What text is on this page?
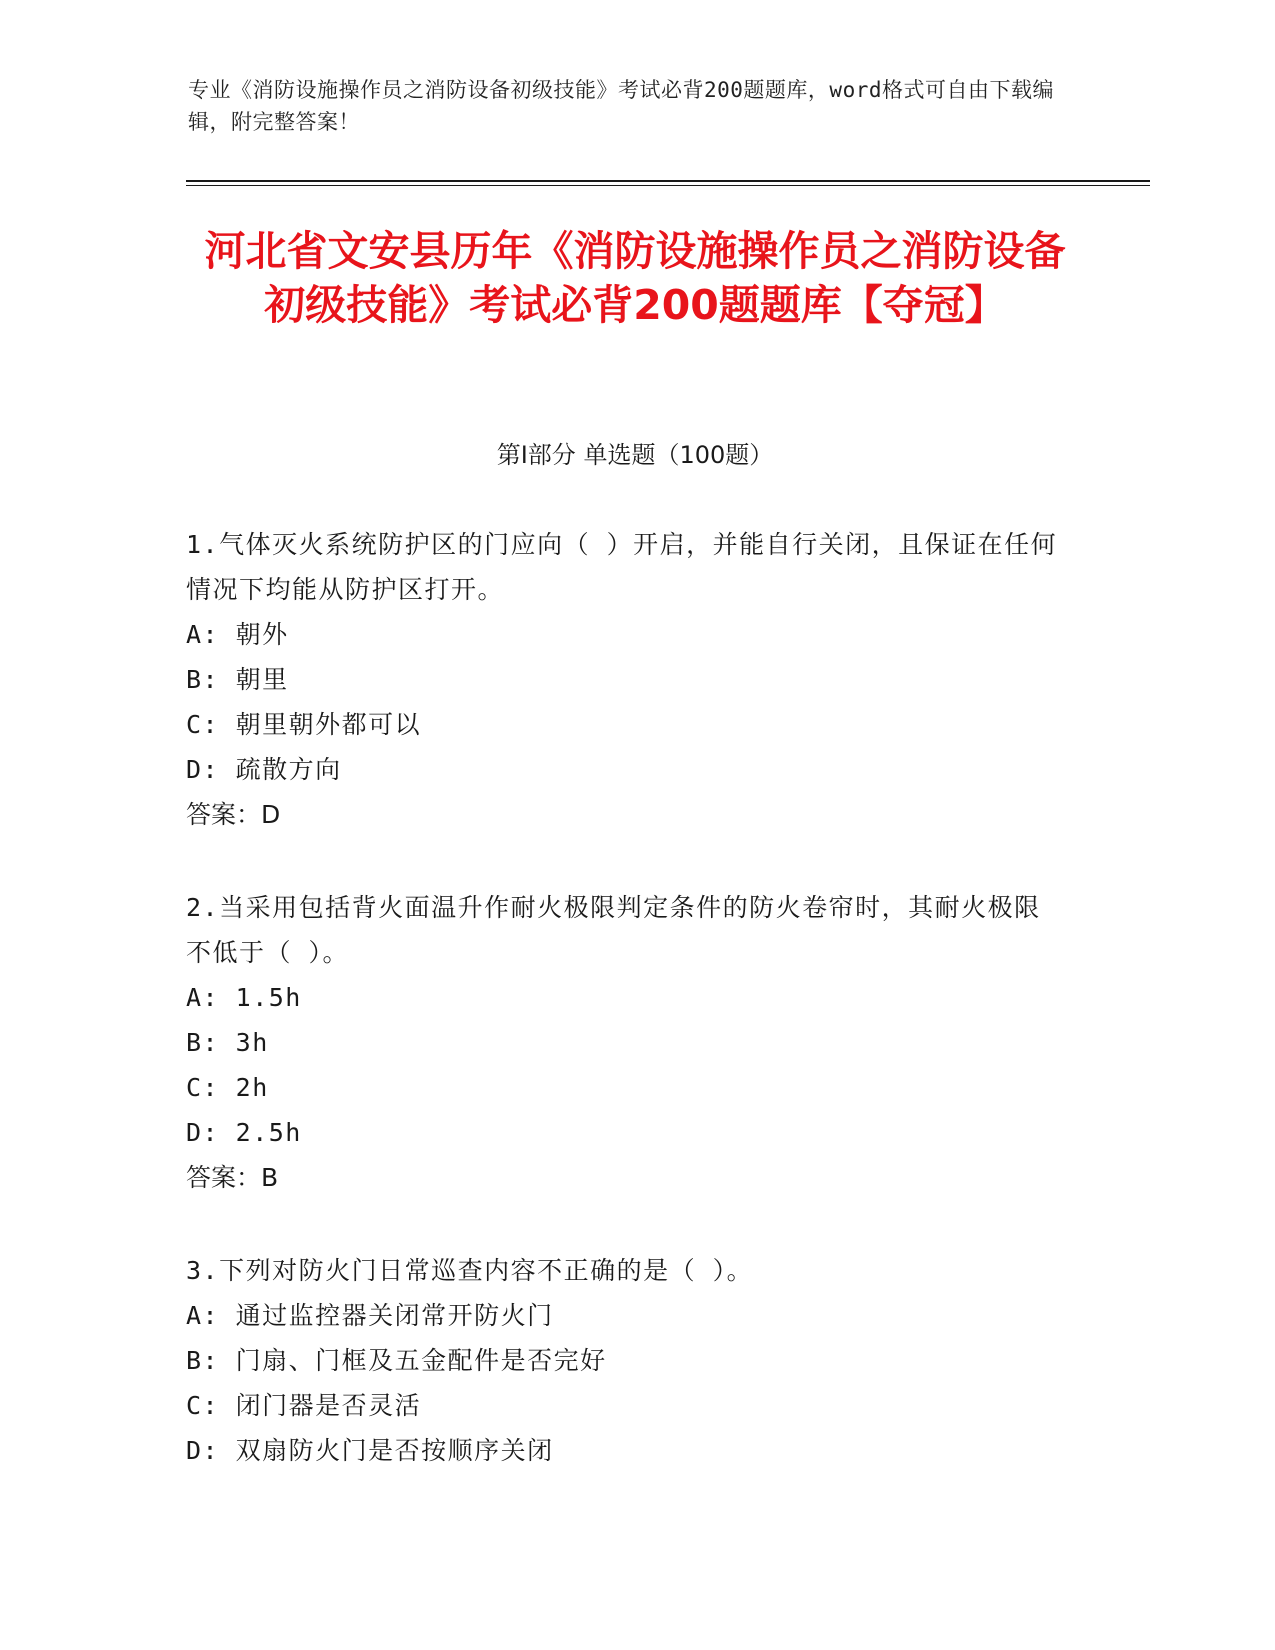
专业《消防设施操作员之消防设备初级技能》考试必背200题题库，word格式可自由下载编辑，附完整答案！
河北省文安县历年《消防设施操作员之消防设备初级技能》考试必背200题题库【夺冠】
第Ⅰ部分 单选题（100题）
1.气体灭火系统防护区的门应向（ ）开启，并能自行关闭，且保证在任何情况下均能从防护区打开。
A: 朝外
B: 朝里
C: 朝里朝外都可以
D: 疏散方向
答案：D
2.当采用包括背火面温升作耐火极限判定条件的防火卷帘时，其耐火极限不低于（ ）。
A: 1.5h
B: 3h
C: 2h
D: 2.5h
答案：B
3.下列对防火门日常巡查内容不正确的是（ ）。
A: 通过监控器关闭常开防火门
B: 门扇、门框及五金配件是否完好
C: 闭门器是否灵活
D: 双扇防火门是否按顺序关闭
